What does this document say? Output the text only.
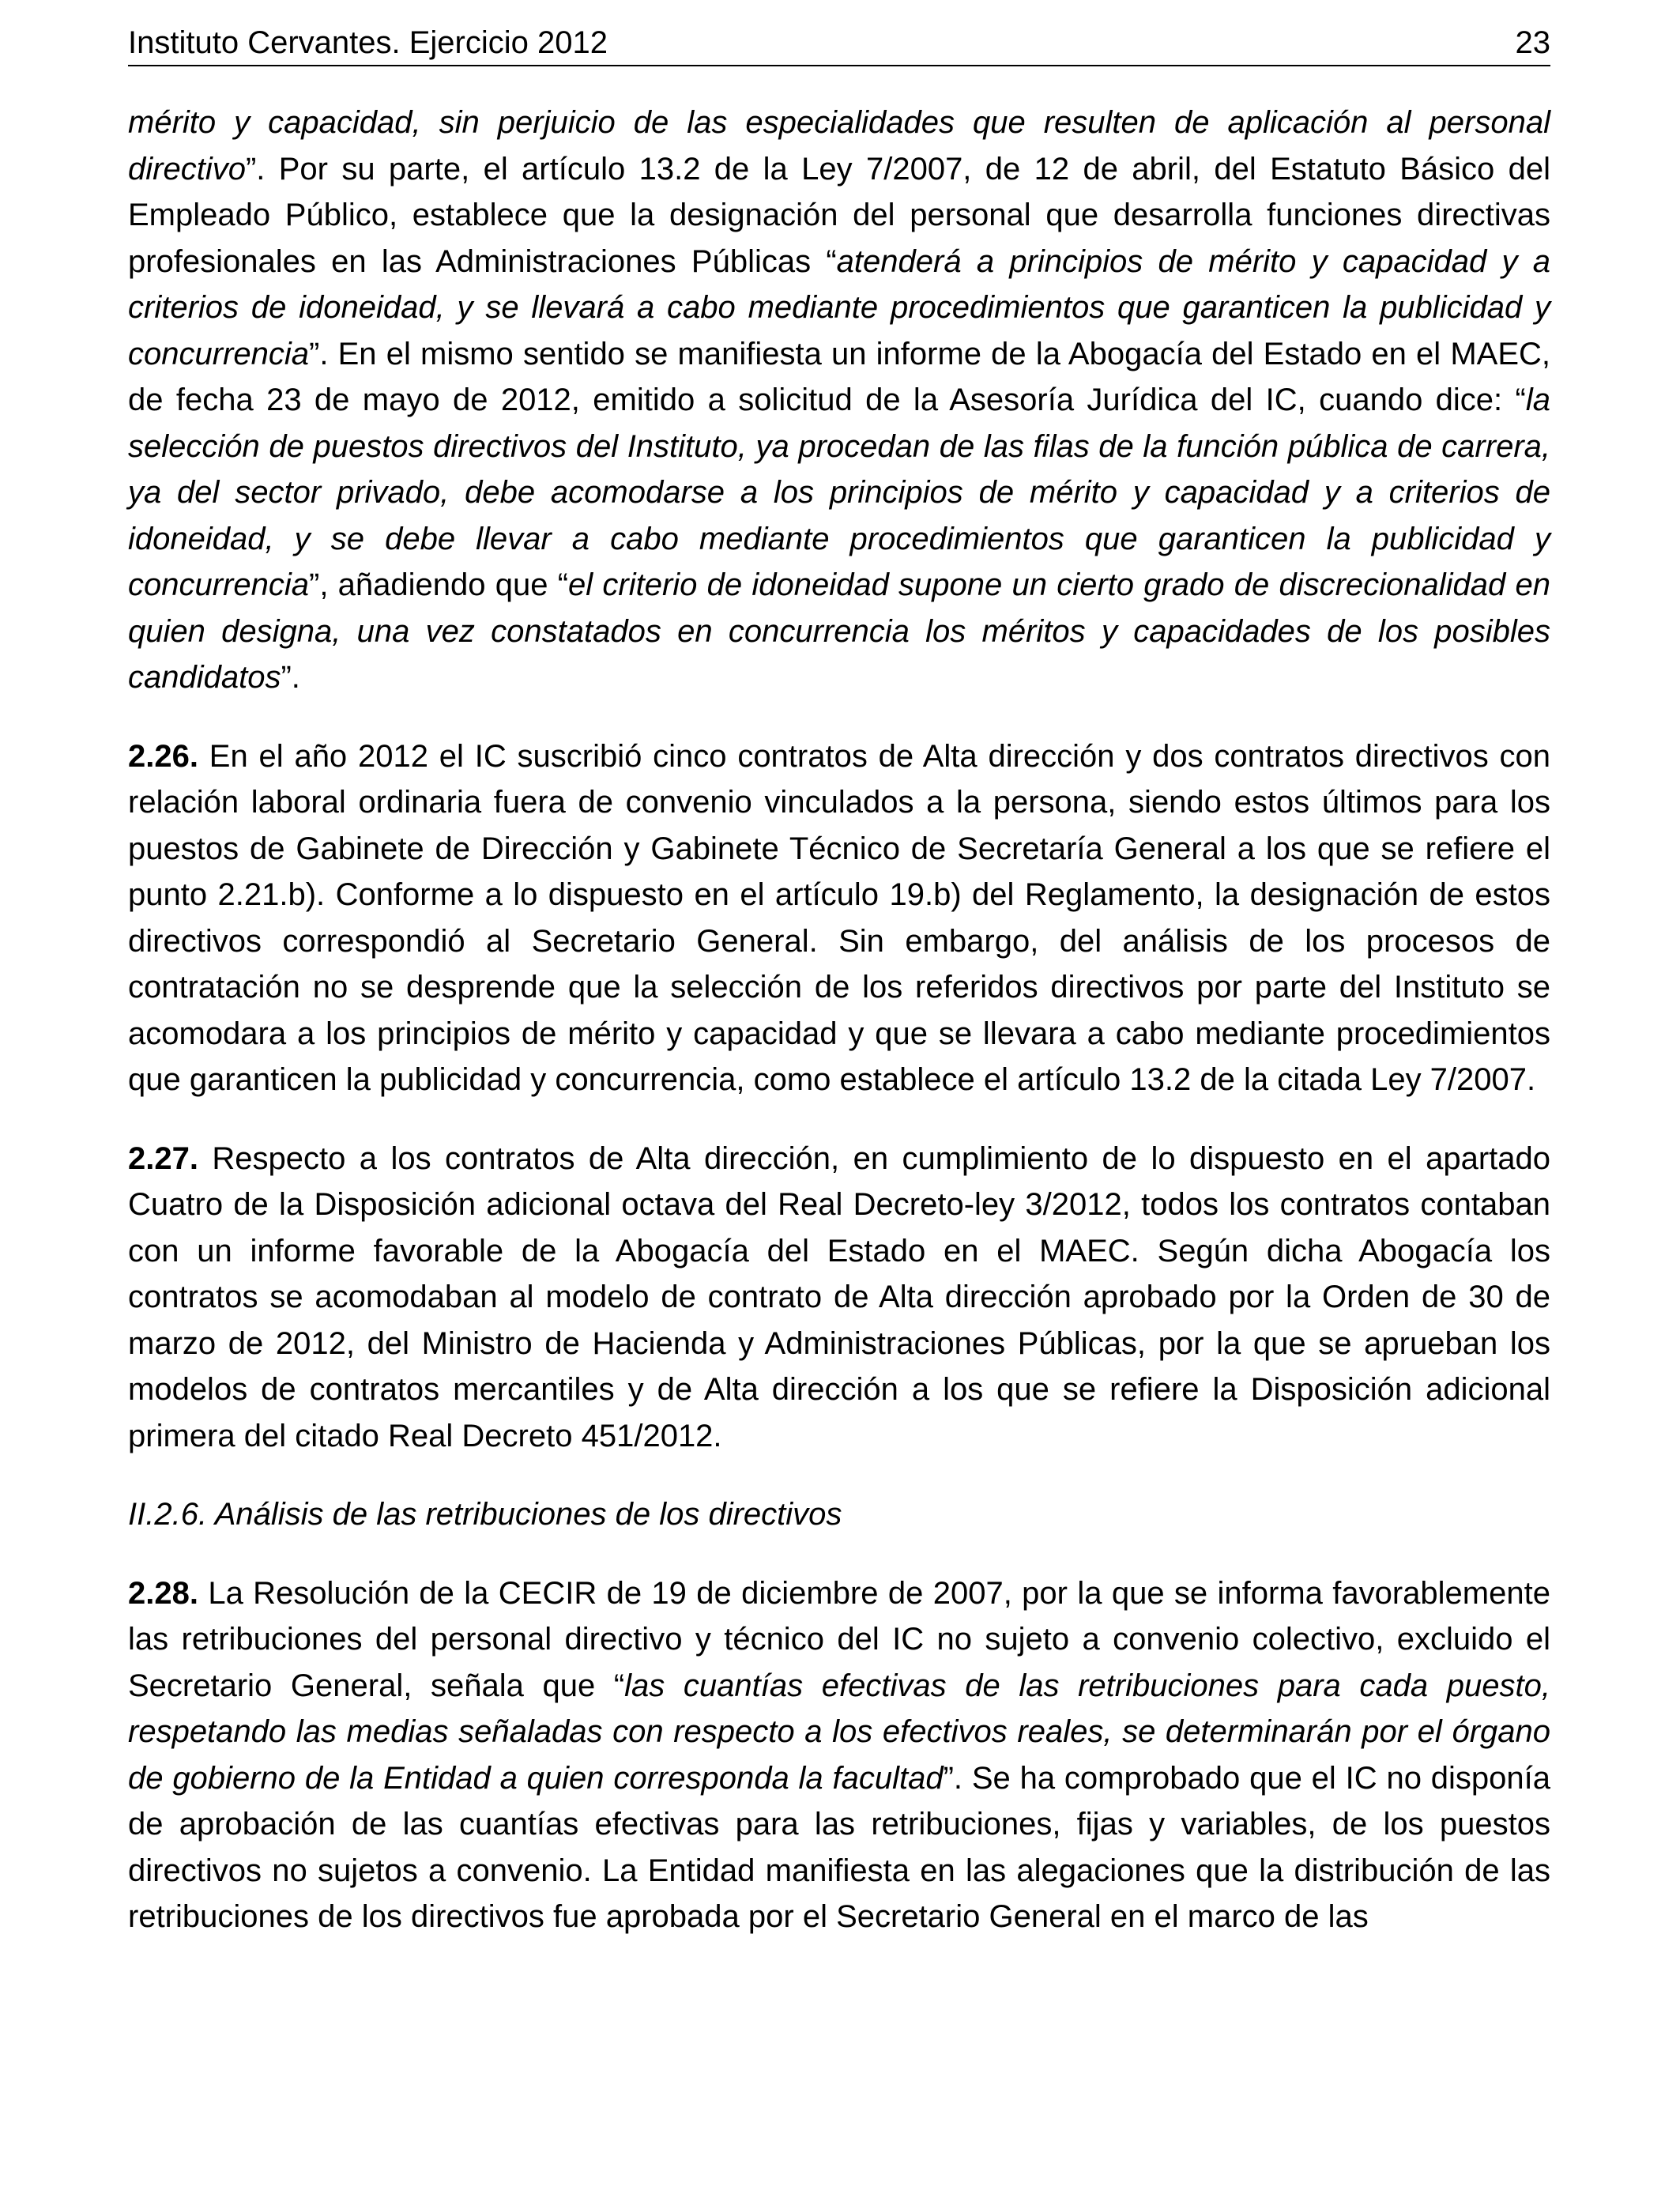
Instituto Cervantes. Ejercicio 2012	23

mérito y capacidad, sin perjuicio de las especialidades que resulten de aplicación al personal directivo”. Por su parte, el artículo 13.2 de la Ley 7/2007, de 12 de abril, del Estatuto Básico del Empleado Público, establece que la designación del personal que desarrolla funciones directivas profesionales en las Administraciones Públicas “atenderá a principios de mérito y capacidad y a criterios de idoneidad, y se llevará a cabo mediante procedimientos que garanticen la publicidad y concurrencia”. En el mismo sentido se manifiesta un informe de la Abogacía del Estado en el MAEC, de fecha 23 de mayo de 2012, emitido a solicitud de la Asesoría Jurídica del IC, cuando dice: “la selección de puestos directivos del Instituto, ya procedan de las filas de la función pública de carrera, ya del sector privado, debe acomodarse a los principios de mérito y capacidad y a criterios de idoneidad, y se debe llevar a cabo mediante procedimientos que garanticen la publicidad y concurrencia”, añadiendo que “el criterio de idoneidad supone un cierto grado de discrecionalidad en quien designa, una vez constatados en concurrencia los méritos y capacidades de los posibles candidatos”.

2.26. En el año 2012 el IC suscribió cinco contratos de Alta dirección y dos contratos directivos con relación laboral ordinaria fuera de convenio vinculados a la persona, siendo estos últimos para los puestos de Gabinete de Dirección y Gabinete Técnico de Secretaría General a los que se refiere el punto 2.21.b). Conforme a lo dispuesto en el artículo 19.b) del Reglamento, la designación de estos directivos correspondió al Secretario General. Sin embargo, del análisis de los procesos de contratación no se desprende que la selección de los referidos directivos por parte del Instituto se acomodara a los principios de mérito y capacidad y que se llevara a cabo mediante procedimientos que garanticen la publicidad y concurrencia, como establece el artículo 13.2 de la citada Ley 7/2007.

2.27. Respecto a los contratos de Alta dirección, en cumplimiento de lo dispuesto en el apartado Cuatro de la Disposición adicional octava del Real Decreto-ley 3/2012, todos los contratos contaban con un informe favorable de la Abogacía del Estado en el MAEC. Según dicha Abogacía los contratos se acomodaban al modelo de contrato de Alta dirección aprobado por la Orden de 30 de marzo de 2012, del Ministro de Hacienda y Administraciones Públicas, por la que se aprueban los modelos de contratos mercantiles y de Alta dirección a los que se refiere la Disposición adicional primera del citado Real Decreto 451/2012.

II.2.6. Análisis de las retribuciones de los directivos

2.28. La Resolución de la CECIR de 19 de diciembre de 2007, por la que se informa favorablemente las retribuciones del personal directivo y técnico del IC no sujeto a convenio colectivo, excluido el Secretario General, señala que “las cuantías efectivas de las retribuciones para cada puesto, respetando las medias señaladas con respecto a los efectivos reales, se determinarán por el órgano de gobierno de la Entidad a quien corresponda la facultad”. Se ha comprobado que el IC no disponía de aprobación de las cuantías efectivas para las retribuciones, fijas y variables, de los puestos directivos no sujetos a convenio. La Entidad manifiesta en las alegaciones que la distribución de las retribuciones de los directivos fue aprobada por el Secretario General en el marco de las
